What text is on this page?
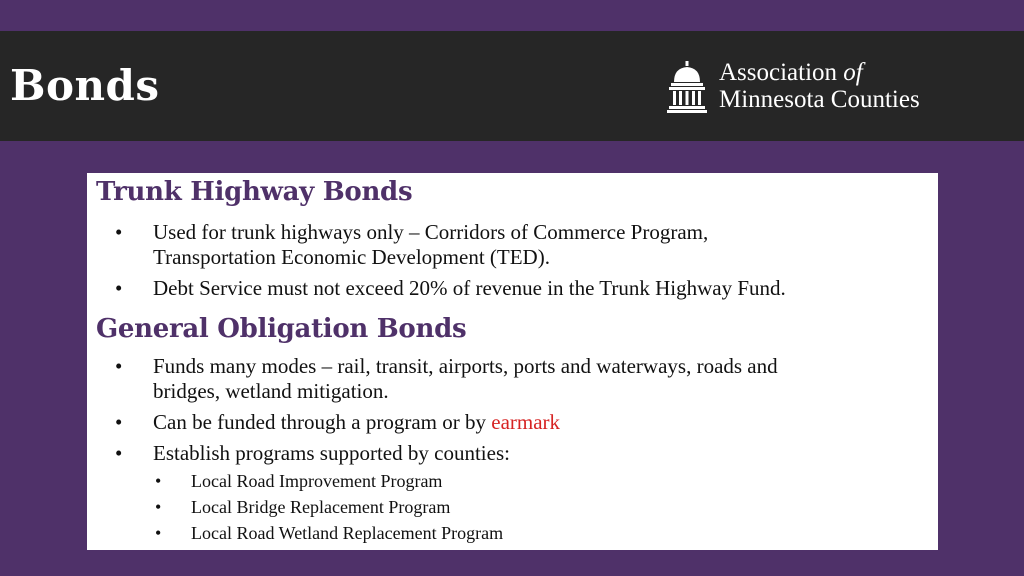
Bonds	Association of
Minnesota Counties
Trunk Highway Bonds
•	Used for trunk highways only – Corridors of Commerce Program,
Transportation Economic Development (TED).
•	Debt Service must not exceed 20% of revenue in the Trunk Highway Fund.
General Obligation Bonds
•	Funds many modes – rail, transit, airports, ports and waterways, roads and
bridges, wetland mitigation.
•	Can be funded through a program or by earmark
•	Establish programs supported by counties:
•	Local Road Improvement Program
•	Local Bridge Replacement Program
•	Local Road Wetland Replacement Program
